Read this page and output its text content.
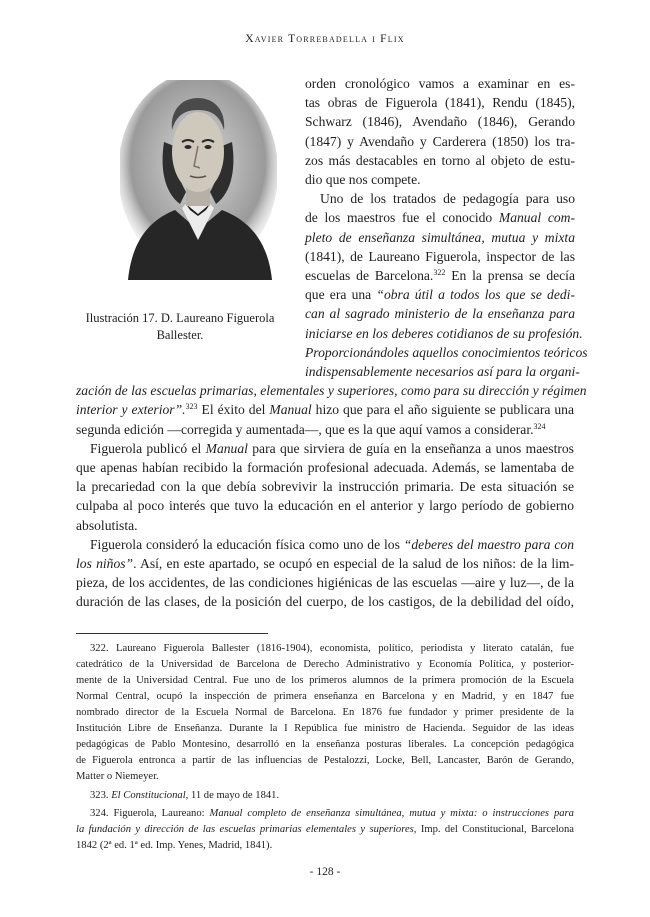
Xavier Torrebadella i Flix
Ilustración 17. D. Laureano Figuerola
Ballester.
orden cronológico vamos a examinar en es-
tas obras de Figuerola (1841), Rendu (1845),
Schwarz (1846), Avendaño (1846), Gerando
(1847) y Avendaño y Carderera (1850) los tra-
zos más destacables en torno al objeto de estu-
dio que nos compete.
Uno de los tratados de pedagogía para uso
de los maestros fue el conocido Manual com-
pleto de enseñanza simultánea, mutua y mixta
(1841), de Laureano Figuerola, inspector de las
escuelas de Barcelona.$^{322}$ En la prensa se decía
que era una “obra útil a todos los que se dedi-
can al sagrado ministerio de la enseñanza para
iniciarse en los deberes cotidianos de su profesión.
Proporcionándoles aquellos conocimientos teóricos
indispensablemente necesarios así para la organi-
zación de las escuelas primarias, elementales y superiores, como para su dirección y régimen
interior y exterior”.$^{323}$ El éxito del Manual hizo que para el año siguiente se publicara una
segunda edición —corregida y aumentada—, que es la que aquí vamos a considerar.$^{324}$
Figuerola publicó el Manual para que sirviera de guía en la enseñanza a unos maestros
que apenas habían recibido la formación profesional adecuada. Además, se lamentaba de
la precariedad con la que debía sobrevivir la instrucción primaria. De esta situación se
culpaba al poco interés que tuvo la educación en el anterior y largo período de gobierno
absolutista.
Figuerola consideró la educación física como uno de los “deberes del maestro para con
los niños”. Así, en este apartado, se ocupó en especial de la salud de los niños: de la lim-
pieza, de los accidentes, de las condiciones higiénicas de las escuelas —aire y luz—, de la
322. Laureano Figuerola Ballester (1816-1904), economista, político, periodista y literato catalán, fue
catedrático de la Universidad de Barcelona de Derecho Administrativo y Economía Política, y posterior-
mente de la Universidad Central. Fue uno de los primeros alumnos de la primera promoción de la Escuela
Normal Central, ocupó la inspección de primera enseñanza en Barcelona y en Madrid, y en 1847 fue
nombrado director de la Escuela Normal de Barcelona. En 1876 fue fundador y primer presidente de la
Institución Libre de Enseñanza. Durante la I República fue ministro de Hacienda. Seguidor de las ideas
pedagógicas de Pablo Montesino, desarrolló en la enseñanza posturas liberales. La concepción pedagógica
de Figuerola entronca a partir de las influencias de Pestalozzi, Locke, Bell, Lancaster, Barón de Gerando,
Matter o Niemeyer.
323. El Constitucional, 11 de mayo de 1841.
324. Figuerola, Laureano: Manual completo de enseñanza simultánea, mutua y mixta: o instrucciones para
la fundación y dirección de las escuelas primarias elementales y superiores, Imp. del Constitucional, Barcelona
1842 (2ª ed. 1ª ed. Imp. Yenes, Madrid, 1841).
- 128 -
duración de las clases, de la posición del cuerpo, de los castigos, de la debilidad del oído,
